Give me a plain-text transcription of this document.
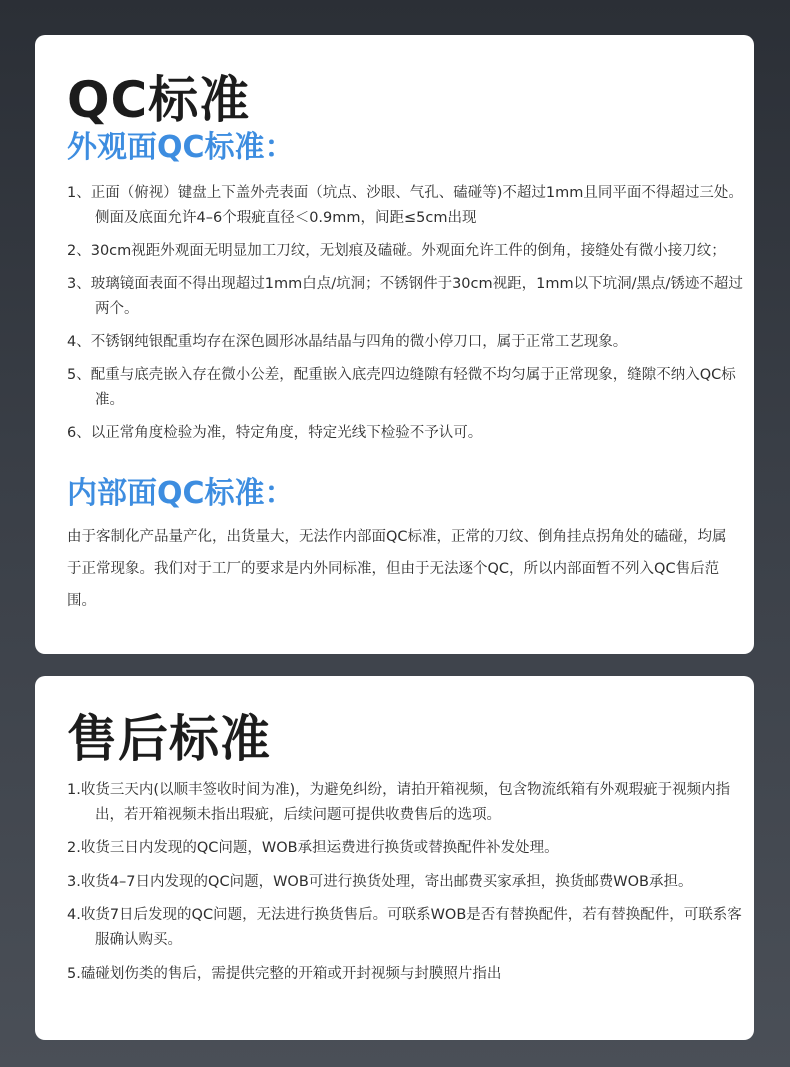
QC标准
外观面QC标准：
1、正面（俯视）键盘上下盖外壳表面（坑点、沙眼、气孔、磕碰等)不超过1mm且同平面不得超过三处。侧面及底面允许4–6个瑕疵直径＜0.9mm，间距≤5cm出现
2、30cm视距外观面无明显加工刀纹，无划痕及磕碰。外观面允许工件的倒角，接缝处有微小接刀纹；
3、玻璃镜面表面不得出现超过1mm白点/坑洞；不锈钢件于30cm视距，1mm以下坑洞/黑点/锈迹不超过两个。
4、不锈钢纯银配重均存在深色圆形冰晶结晶与四角的微小停刀口，属于正常工艺现象。
5、配重与底壳嵌入存在微小公差，配重嵌入底壳四边缝隙有轻微不均匀属于正常现象，缝隙不纳入QC标准。
6、以正常角度检验为准，特定角度，特定光线下检验不予认可。
内部面QC标准：

由于客制化产品量产化，出货量大，无法作内部面QC标准，正常的刀纹、倒角挂点拐角处的磕碰，均属于正常现象。我们对于工厂的要求是内外同标准，但由于无法逐个QC，所以内部面暂不列入QC售后范围。

售后标准
1.收货三天内(以顺丰签收时间为准)，为避免纠纷，请拍开箱视频，包含物流纸箱有外观瑕疵于视频内指出，若开箱视频未指出瑕疵，后续问题可提供收费售后的选项。
2.收货三日内发现的QC问题，WOB承担运费进行换货或替换配件补发处理。
3.收货4–7日内发现的QC问题，WOB可进行换货处理，寄出邮费买家承担，换货邮费WOB承担。
4.收货7日后发现的QC问题，无法进行换货售后。可联系WOB是否有替换配件，若有替换配件，可联系客服确认购买。
5.磕碰划伤类的售后，需提供完整的开箱或开封视频与封膜照片指出
